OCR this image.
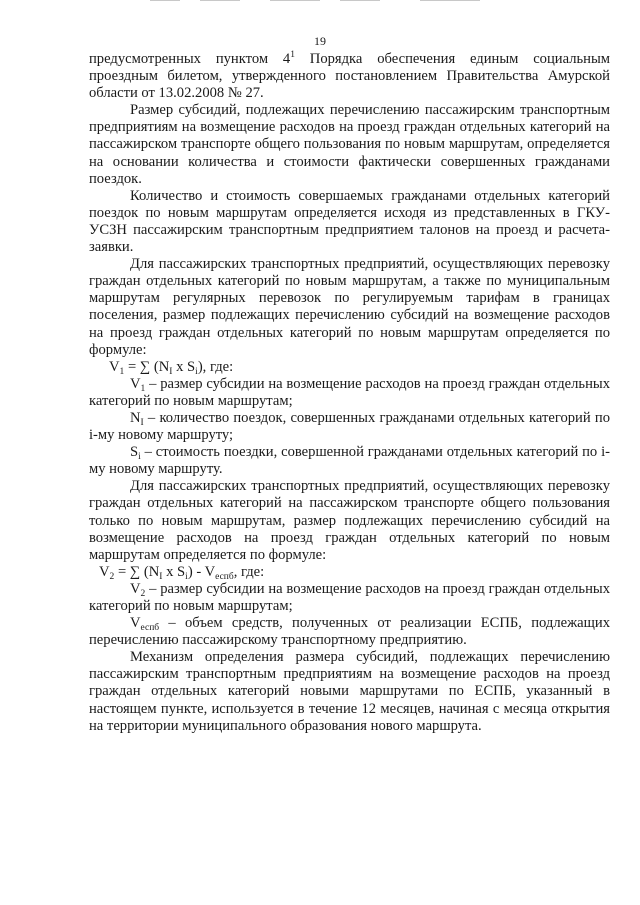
19

предусмотренных пунктом $4^1$ Порядка обеспечения единым социальным проездным билетом, утвержденного постановлением Правительства Амурской области от 13.02.2008 № 27.

Размер субсидий, подлежащих перечислению пассажирским транспортным предприятиям на возмещение расходов на проезд граждан отдельных категорий на пассажирском транспорте общего пользования по новым маршрутам, определяется на основании количества и стоимости фактически совершенных гражданами поездок.

Количество и стоимость совершаемых гражданами отдельных категорий поездок по новым маршрутам определяется исходя из представленных в ГКУ-УСЗН пассажирским транспортным предприятием талонов на проезд и расчета-заявки.

Для пассажирских транспортных предприятий, осуществляющих перевозку граждан отдельных категорий по новым маршрутам, а также по муниципальным маршрутам регулярных перевозок по регулируемым тарифам в границах поселения, размер подлежащих перечислению субсидий на возмещение расходов на проезд граждан отдельных категорий по новым маршрутам определяется по формуле:

$V_1$ = ∑ ($N_I$ x $S_i$), где:

$V_1$ – размер субсидии на возмещение расходов на проезд граждан отдельных категорий по новым маршрутам;

$N_I$ – количество поездок, совершенных гражданами отдельных категорий по i-му новому маршруту;

$S_i$ – стоимость поездки, совершенной гражданами отдельных категорий по i-му новому маршруту.

Для пассажирских транспортных предприятий, осуществляющих перевозку граждан отдельных категорий на пассажирском транспорте общего пользования только по новым маршрутам, размер подлежащих перечислению субсидий на возмещение расходов на проезд граждан отдельных категорий по новым маршрутам определяется по формуле:

$V_2$ = ∑ ($N_I$ x $S_i) - V_{еспб}$, где:

$V_2$ – размер субсидии на возмещение расходов на проезд граждан отдельных категорий по новым маршрутам;

$V_{еспб}$ – объем средств, полученных от реализации ЕСПБ, подлежащих перечислению пассажирскому транспортному предприятию.

Механизм определения размера субсидий, подлежащих перечислению пассажирским транспортным предприятиям на возмещение расходов на проезд граждан отдельных категорий новыми маршрутами по ЕСПБ, указанный в настоящем пункте, используется в течение 12 месяцев, начиная с месяца открытия на территории муниципального образования нового маршрута.
